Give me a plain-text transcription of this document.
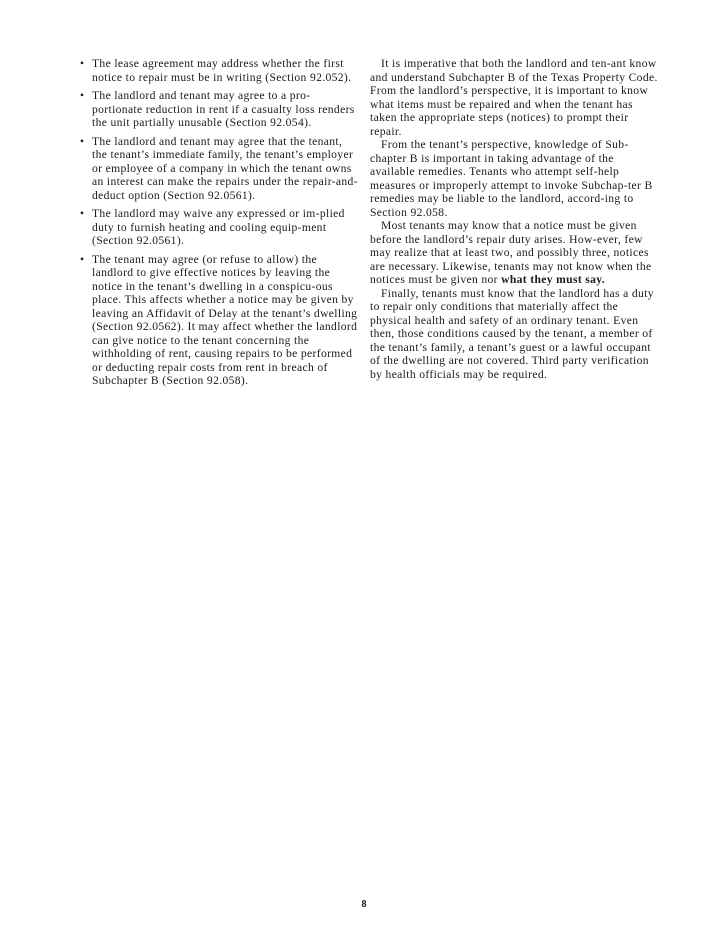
• The lease agreement may address whether the first notice to repair must be in writing (Section 92.052).
• The landlord and tenant may agree to a pro-portionate reduction in rent if a casualty loss renders the unit partially unusable (Section 92.054).
• The landlord and tenant may agree that the tenant, the tenant’s immediate family, the tenant’s employer or employee of a company in which the tenant owns an interest can make the repairs under the repair-and-deduct option (Section 92.0561).
• The landlord may waive any expressed or im-plied duty to furnish heating and cooling equip-ment (Section 92.0561).
• The tenant may agree (or refuse to allow) the landlord to give effective notices by leaving the notice in the tenant’s dwelling in a conspicu-ous place. This affects whether a notice may be given by leaving an Affidavit of Delay at the tenant’s dwelling (Section 92.0562). It may affect whether the landlord can give notice to the tenant concerning the withholding of rent, causing repairs to be performed or deducting repair costs from rent in breach of Subchapter B (Section 92.058).

It is imperative that both the landlord and ten-ant know and understand Subchapter B of the Texas Property Code. From the landlord’s perspective, it is important to know what items must be repaired and when the tenant has taken the appropriate steps (notices) to prompt their repair.

From the tenant’s perspective, knowledge of Sub-chapter B is important in taking advantage of the available remedies. Tenants who attempt self-help measures or improperly attempt to invoke Subchap-ter B remedies may be liable to the landlord, accord-ing to Section 92.058.

Most tenants may know that a notice must be given before the landlord’s repair duty arises. How-ever, few may realize that at least two, and possibly three, notices are necessary. Likewise, tenants may not know when the notices must be given nor what they must say.

Finally, tenants must know that the landlord has a duty to repair only conditions that materially affect the physical health and safety of an ordinary tenant. Even then, those conditions caused by the tenant, a member of the tenant’s family, a tenant’s guest or a lawful occupant of the dwelling are not covered. Third party verification by health officials may be required.

8
